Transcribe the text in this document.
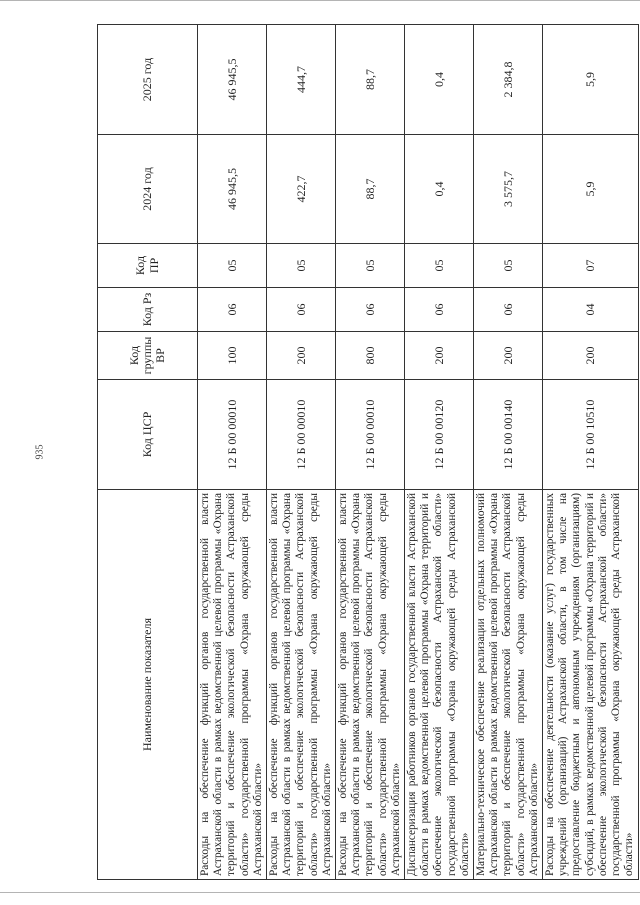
935
Наименование показателя	Код ЦСР	Код группы ВР	Код Рз	Код ПР	2024 год	2025 год
Расходы на обеспечение функций органов государственной власти Астраханской области в рамках ведомственной целевой программы «Охрана территорий и обеспечение экологической безопасности Астраханской области» государственной программы «Охрана окружающей среды Астраханской области»	12 Б 00 00010	100	06	05	46 945,5	46 945,5
Расходы на обеспечение функций органов государственной власти Астраханской области в рамках ведомственной целевой программы «Охрана территорий и обеспечение экологической безопасности Астраханской области» государственной программы «Охрана окружающей среды Астраханской области»	12 Б 00 00010	200	06	05	422,7	444,7
Расходы на обеспечение функций органов государственной власти Астраханской области в рамках ведомственной целевой программы «Охрана территорий и обеспечение экологической безопасности Астраханской области» государственной программы «Охрана окружающей среды Астраханской области»	12 Б 00 00010	800	06	05	88,7	88,7
Диспансеризация работников органов государственной власти Астраханской области в рамках ведомственной целевой программы «Охрана территорий и обеспечение экологической безопасности Астраханской области» государственной программы «Охрана окружающей среды Астраханской области»	12 Б 00 00120	200	06	05	0,4	0,4
Материально-техническое обеспечение реализации отдельных полномочий Астраханской области в рамках ведомственной целевой программы «Охрана территорий и обеспечение экологической безопасности Астраханской области» государственной программы «Охрана окружающей среды Астраханской области»	12 Б 00 00140	200	06	05	3 575,7	2 384,8
Расходы на обеспечение деятельности (оказание услуг) государственных учреждений (организаций) Астраханской области, в том числе на предоставление бюджетным и автономным учреждениям (организациям) субсидий, в рамках ведомственной целевой программы «Охрана территорий и обеспечение экологической безопасности Астраханской области» государственной программы «Охрана окружающей среды Астраханской области»	12 Б 00 10510	200	04	07	5,9	5,9
